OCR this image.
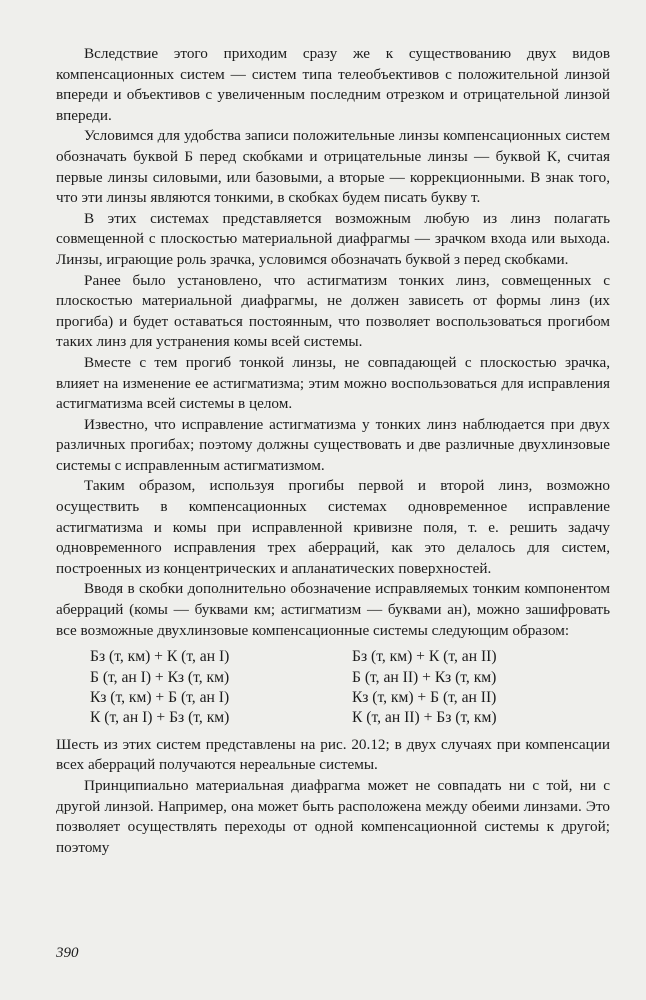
Вследствие этого приходим сразу же к существованию двух видов компенсационных систем — систем типа телеобъективов с положительной линзой впереди и объективов с увеличенным последним отрезком и отрицательной линзой впереди.

Условимся для удобства записи положительные линзы компенсационных систем обозначать буквой Б перед скобками и отрицательные линзы — буквой К, считая первые линзы силовыми, или базовыми, а вторые — коррекционными. В знак того, что эти линзы являются тонкими, в скобках будем писать букву т.

В этих системах представляется возможным любую из линз полагать совмещенной с плоскостью материальной диафрагмы — зрачком входа или выхода. Линзы, играющие роль зрачка, условимся обозначать буквой з перед скобками.

Ранее было установлено, что астигматизм тонких линз, совмещенных с плоскостью материальной диафрагмы, не должен зависеть от формы линз (их прогиба) и будет оставаться постоянным, что позволяет воспользоваться прогибом таких линз для устранения комы всей системы.

Вместе с тем прогиб тонкой линзы, не совпадающей с плоскостью зрачка, влияет на изменение ее астигматизма; этим можно воспользоваться для исправления астигматизма всей системы в целом.

Известно, что исправление астигматизма у тонких линз наблюдается при двух различных прогибах; поэтому должны существовать и две различные двухлинзовые системы с исправленным астигматизмом.

Таким образом, используя прогибы первой и второй линз, возможно осуществить в компенсационных системах одновременное исправление астигматизма и комы при исправленной кривизне поля, т. е. решить задачу одновременного исправления трех аберраций, как это делалось для систем, построенных из концентрических и апланатических поверхностей.

Вводя в скобки дополнительно обозначение исправляемых тонким компонентом аберраций (комы — буквами км; астигматизм — буквами ан), можно зашифровать все возможные двухлинзовые компенсационные системы следующим образом:

Бз (т, км) + К (т, ан I)	Бз (т, км) + К (т, ан II)
Б (т, ан I) + Кз (т, км)	Б (т, ан II) + Кз (т, км)
Кз (т, км) + Б (т, ан I)	Кз (т, км) + Б (т, ан II)
К (т, ан I) + Бз (т, км)	К (т, ан II) + Бз (т, км)

Шесть из этих систем представлены на рис. 20.12; в двух случаях при компенсации всех аберраций получаются нереальные системы.

Принципиально материальная диафрагма может не совпадать ни с той, ни с другой линзой. Например, она может быть расположена между обеими линзами. Это позволяет осуществлять переходы от одной компенсационной системы к другой; поэтому

390
